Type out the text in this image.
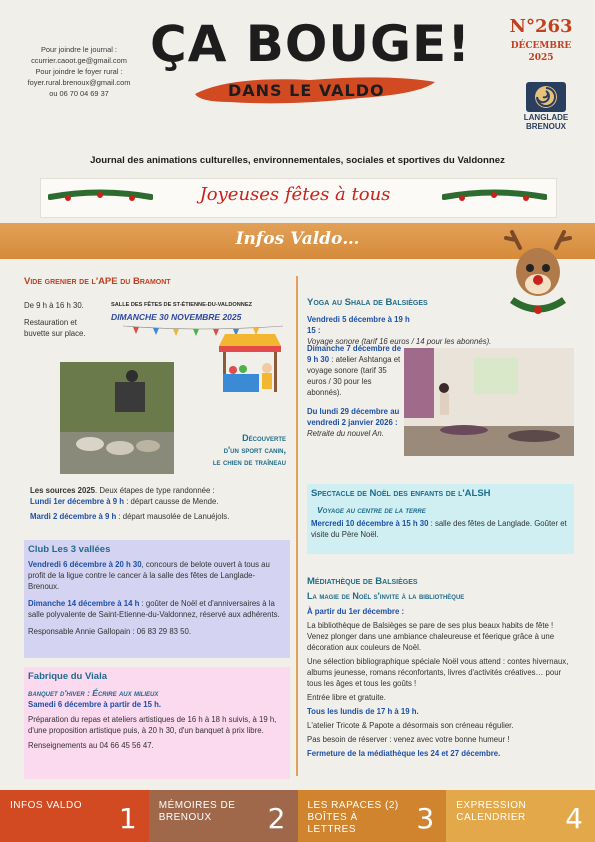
Pour joindre le journal :
ccurrier.caoot.ge@gmail.com
Pour joindre le foyer rural :
foyer.rural.brenoux@gmail.com
ou 06 70 04 69 37
ÇA BOUGE!
DANS LE VALDO
N°263
DÉCEMBRE
2025
LANGLADE
BRENOUX
Journal des animations culturelles, environnementales, sociales et sportives du Valdonnez
Joyeuses fêtes à tous
Infos Valdo…
Vide grenier de l'APE du Bramont
De 9 h à 16 h 30.
Restauration et buvette sur place.
SALLE DES FÊTES DE ST-ÉTIENNE-DU-VALDONNEZ
DIMANCHE 30 NOVEMBRE 2025
Découverte
d'un sport canin,
le chien de traîneau
Les sources 2025. Deux étapes de type randonnée :
Lundi 1er décembre à 9 h : départ causse de Mende.
Mardi 2 décembre à 9 h : départ mausolée de Lanuéjols.
Club Les 3 vallées
Vendredi 6 décembre à 20 h 30, concours de belote ouvert à tous au profit de la ligue contre le cancer à la salle des fêtes de Langlade-Brenoux.
Dimanche 14 décembre à 14 h : goûter de Noël et d'anniversaires à la salle polyvalente de Saint-Etienne-du-Valdonnez, réservé aux adhérents.
Responsable Annie Gallopain : 06 83 29 83 50.
Fabrique du Viala
banquet d'hiver : Écrire aux milieux
Samedi 6 décembre à partir de 15 h.
Préparation du repas et ateliers artistiques de 16 h à 18 h suivis, à 19 h, d'une proposition artistique puis, à 20 h 30, d'un banquet à prix libre.
Renseignements au 04 66 45 56 47.
Yoga au Shala de Balsièges
Vendredi 5 décembre à 19 h 15 :
Voyage sonore (tarif 16 euros / 14 pour les abonnés).
Dimanche 7 décembre de 9 h 30 : atelier Ashtanga et voyage sonore (tarif 35 euros / 30 pour les abonnés).
Du lundi 29 décembre au vendredi 2 janvier 2026 :
Retraite du nouvel An.
Spectacle de Noël des enfants de l'ALSH
Voyage au centre de la terre
Mercredi 10 décembre à 15 h 30 : salle des fêtes de Langlade. Goûter et visite du Père Noël.
Médiathèque de Balsièges
La magie de Noël s'invite à la bibliothèque
À partir du 1er décembre :
La bibliothèque de Balsièges se pare de ses plus beaux habits de fête ! Venez plonger dans une ambiance chaleureuse et féerique grâce à une décoration aux couleurs de Noël.
Une sélection bibliographique spéciale Noël vous attend : contes hivernaux, albums jeunesse, romans réconfortants, livres d'activités créatives… pour tous les âges et tous les goûts !
Entrée libre et gratuite.
Tous les lundis de 17 h à 19 h.
L'atelier Tricote & Papote a désormais son créneau régulier.
Pas besoin de réserver : venez avec votre bonne humeur !
Fermeture de la médiathèque les 24 et 27 décembre.
INFOS VALDO 1 MÉMOIRES DE BRENOUX	2 LES RAPACES (2) BOÎTES À LETTRES	3 EXPRESSION CALENDRIER	4
